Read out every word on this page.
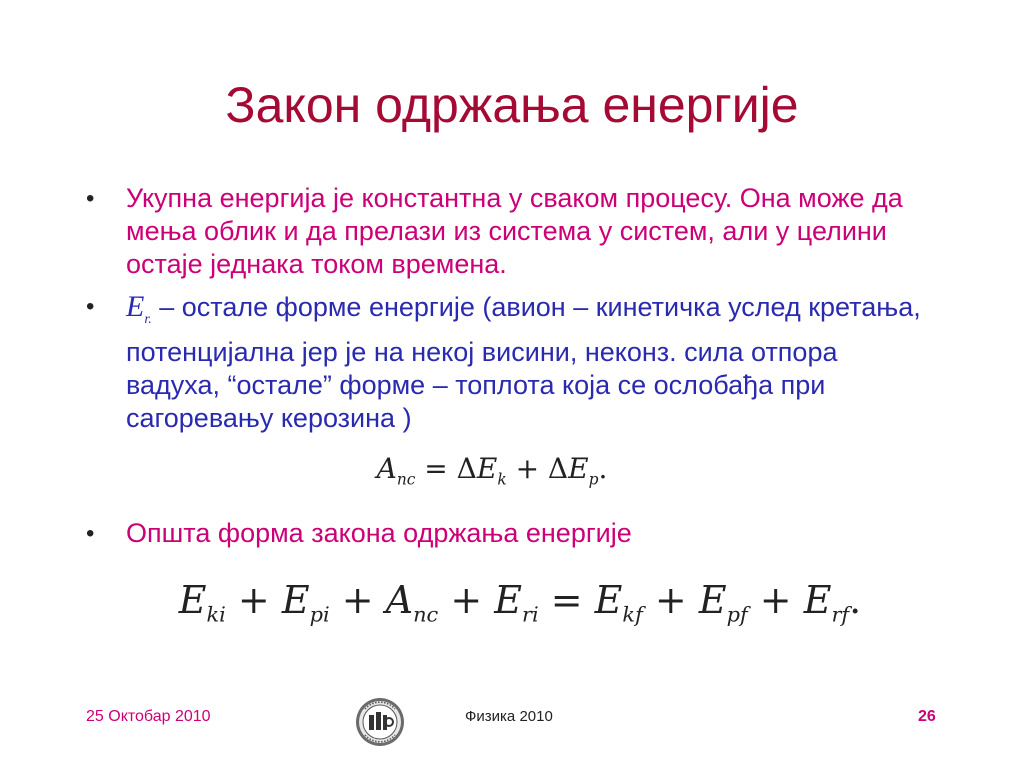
Закон одржања енергије
• Укупна енергија је константна у сваком процесу. Она може да мења облик и да прелази из система у систем, али у целини остаје једнака током времена.
• $E_{r.}$ – остале форме енергије (авион – кинетичка услед кретања, потенцијална јер је на некој висини, неконз. сила отпора вадуха, “остале” форме – топлота која се ослобађа при сагоревању керозина )
$A_{nc} = \Delta E_k + \Delta E_p$.
• Општа форма закона одржања енергије
$E_{ki} + E_{pi} + A_{nc} + E_{ri} = E_{kf} + E_{pf} + E_{rf}$.
25 Октобар 2010	Физика 2010	26
